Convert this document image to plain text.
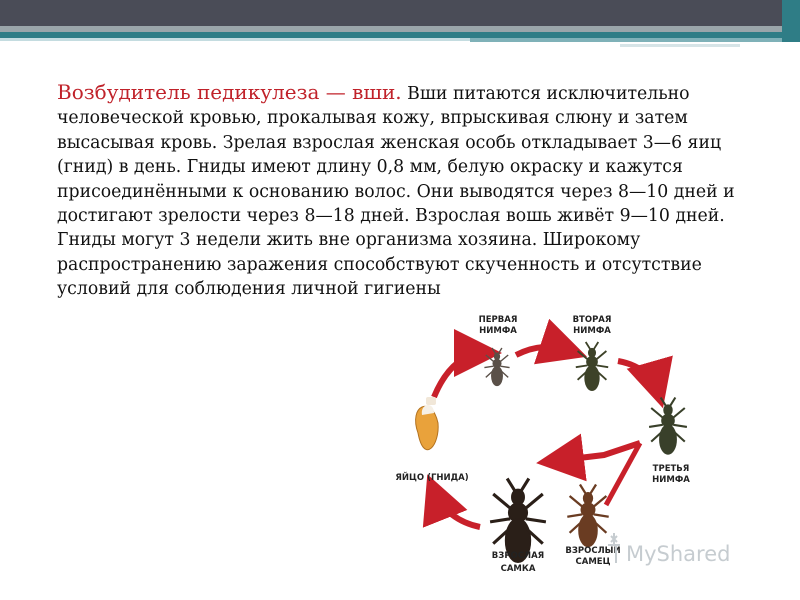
Возбудитель педикулеза — вши. Вши питаются исключительно человеческой кровью, прокалывая кожу, впрыскивая слюну и затем высасывая кровь. Зрелая взрослая женская особь откладывает 3—6 яиц (гнид) в день. Гниды имеют длину 0,8 мм, белую окраску и кажутся присоединёнными к основанию волос. Они выводятся через 8—10 дней и достигают зрелости через 8—18 дней. Взрослая вошь живёт 9—10 дней. Гниды могут 3 недели жить вне организма хозяина. Широкому распространению заражения способствуют скученность и отсутствие условий для соблюдения личной гигиены
ПЕРВАЯ НИМФА
ВТОРАЯ НИМФА
ТРЕТЬЯ НИМФА
ЯЙЦО (ГНИДА)
ВЗРОСЛАЯ САМКА
ВЗРОСЛЫЙ САМЕЦ MyShared
